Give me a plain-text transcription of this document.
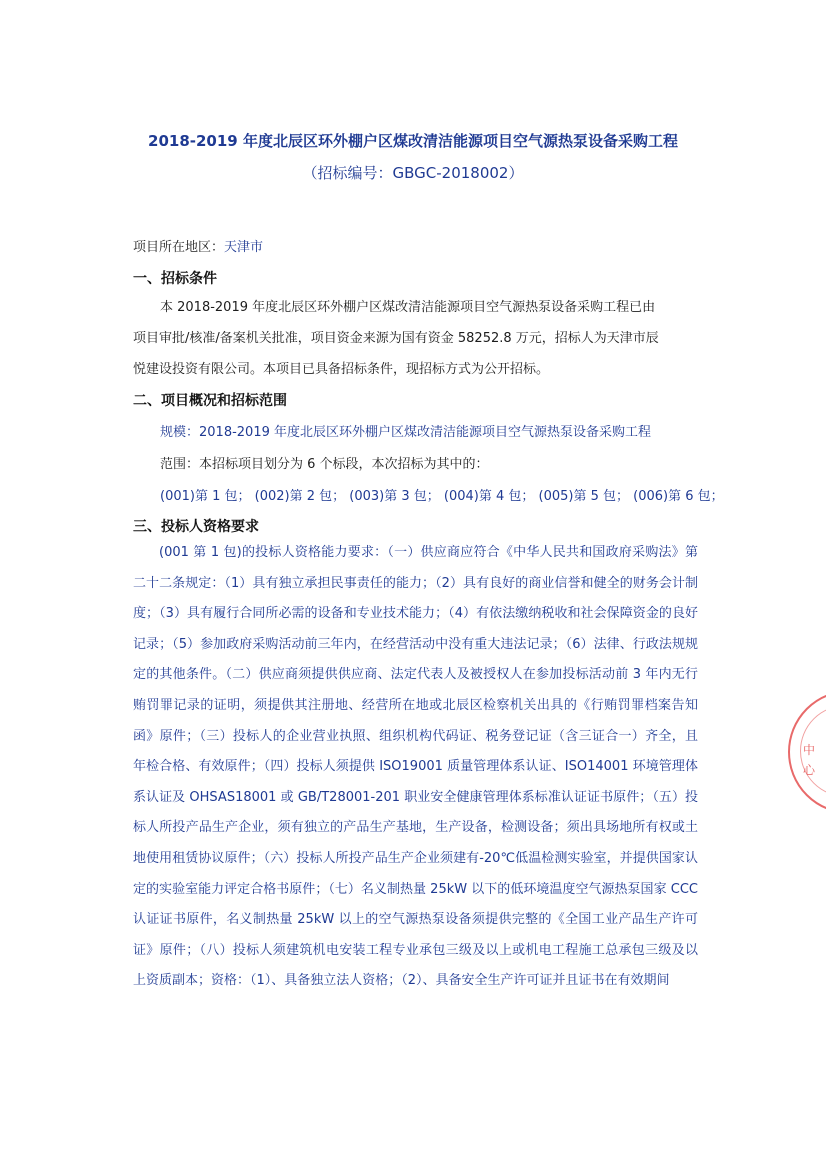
2018-2019 年度北辰区环外棚户区煤改清洁能源项目空气源热泵设备采购工程
（招标编号：GBGC-2018002）
项目所在地区：天津市
一、招标条件
本 2018-2019 年度北辰区环外棚户区煤改清洁能源项目空气源热泵设备采购工程已由
项目审批/核准/备案机关批准，项目资金来源为国有资金 58252.8 万元，招标人为天津市辰
悦建设投资有限公司。本项目已具备招标条件，现招标方式为公开招标。
二、项目概况和招标范围
规模：2018-2019 年度北辰区环外棚户区煤改清洁能源项目空气源热泵设备采购工程
范围：本招标项目划分为 6 个标段，本次招标为其中的：
(001)第 1 包； (002)第 2 包； (003)第 3 包； (004)第 4 包； (005)第 5 包； (006)第 6 包；
三、投标人资格要求
(001 第 1 包)的投标人资格能力要求：（一）供应商应符合《中华人民共和国政府采购法》第二十二条规定：（1）具有独立承担民事责任的能力；（2）具有良好的商业信誉和健全的财务会计制度；（3）具有履行合同所必需的设备和专业技术能力；（4）有依法缴纳税收和社会保障资金的良好记录；（5）参加政府采购活动前三年内，在经营活动中没有重大违法记录；（6）法律、行政法规规定的其他条件。（二）供应商须提供供应商、法定代表人及被授权人在参加投标活动前 3 年内无行贿罚罪记录的证明，须提供其注册地、经营所在地或北辰区检察机关出具的《行贿罚罪档案告知函》原件；（三）投标人的企业营业执照、组织机构代码证、税务登记证（含三证合一）齐全，且年检合格、有效原件；（四）投标人须提供 ISO19001 质量管理体系认证、ISO14001 环境管理体系认证及 OHSAS18001 或 GB/T28001-201 职业安全健康管理体系标准认证证书原件；（五）投标人所投产品生产企业，须有独立的产品生产基地，生产设备，检测设备；须出具场地所有权或土地使用租赁协议原件；（六）投标人所投产品生产企业须建有-20℃低温检测实验室，并提供国家认定的实验室能力评定合格书原件；（七）名义制热量 25kW 以下的低环境温度空气源热泵国家 CCC 认证证书原件，名义制热量 25kW 以上的空气源热泵设备须提供完整的《全国工业产品生产许可证》原件；（八）投标人须建筑机电安装工程专业承包三级及以上或机电工程施工总承包三级及以上资质副本；资格：（1）、具备独立法人资格；（2）、具备安全生产许可证并且证书在有效期间
中心
